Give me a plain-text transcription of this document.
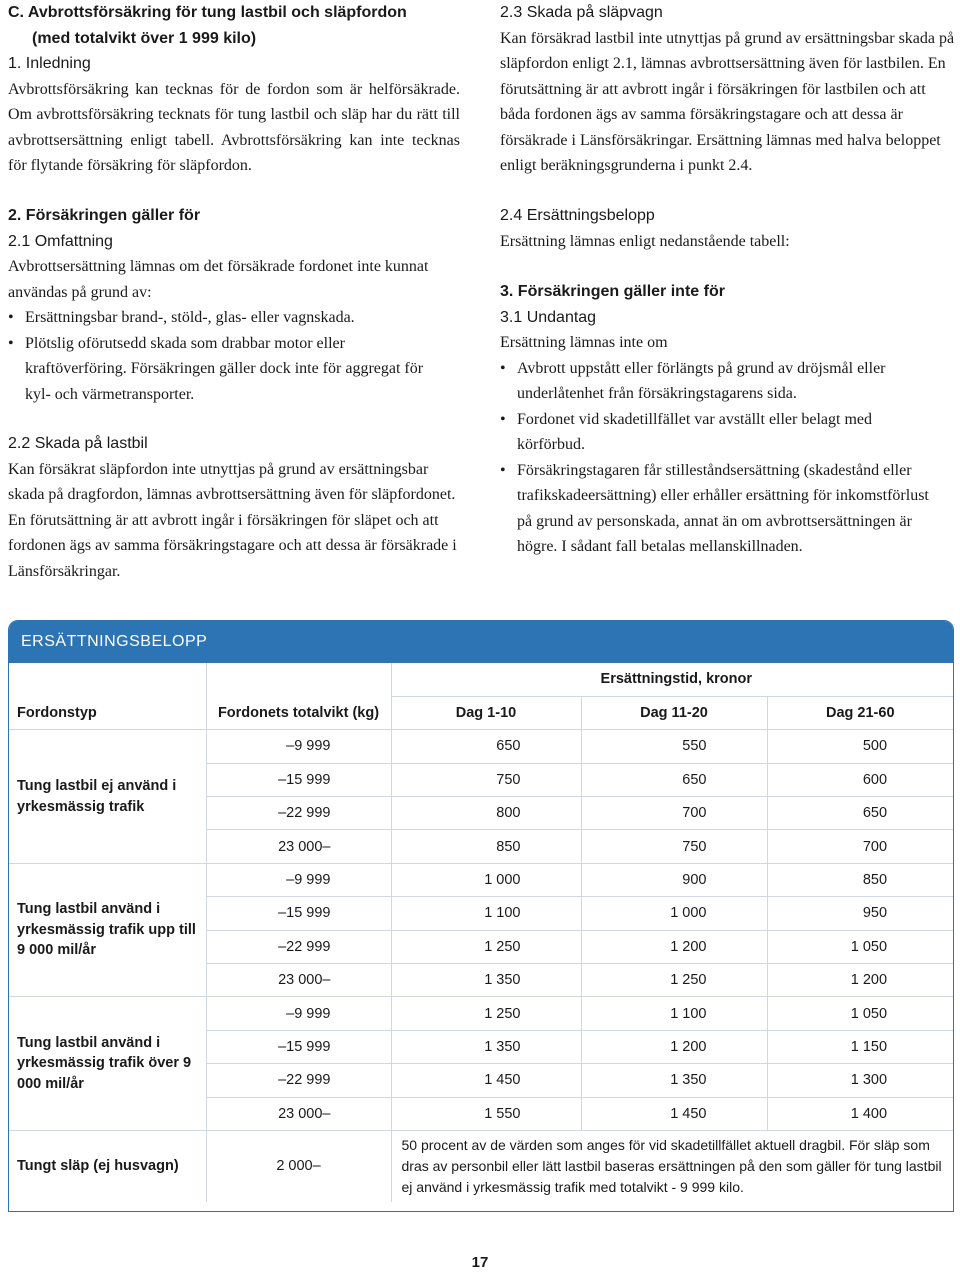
C. Avbrottsförsäkring för tung lastbil och släpfordon
(med totalvikt över 1 999 kilo)
1. Inledning
Avbrottsförsäkring kan tecknas för de fordon som är helförsäkrade. Om avbrottsförsäkring tecknats för tung lastbil och släp har du rätt till avbrottsersättning enligt tabell. Avbrottsförsäkring kan inte tecknas för flytande försäkring för släpfordon.
2. Försäkringen gäller för
2.1 Omfattning
Avbrottsersättning lämnas om det försäkrade fordonet inte kunnat användas på grund av:
• Ersättningsbar brand-, stöld-, glas- eller vagnskada.
• Plötslig oförutsedd skada som drabbar motor eller kraftöverföring. Försäkringen gäller dock inte för aggregat för kyl- och värmetransporter.
2.2 Skada på lastbil
Kan försäkrat släpfordon inte utnyttjas på grund av ersättningsbar skada på dragfordon, lämnas avbrottsersättning även för släpfordonet. En förutsättning är att avbrott ingår i försäkringen för släpet och att fordonen ägs av samma försäkringstagare och att dessa är försäkrade i Länsförsäkringar.
2.3 Skada på släpvagn
Kan försäkrad lastbil inte utnyttjas på grund av ersättningsbar skada på släpfordon enligt 2.1, lämnas avbrottsersättning även för lastbilen. En förutsättning är att avbrott ingår i försäkringen för lastbilen och att båda fordonen ägs av samma försäkringstagare och att dessa är försäkrade i Länsförsäkringar. Ersättning lämnas med halva beloppet enligt beräkningsgrunderna i punkt 2.4.
2.4 Ersättningsbelopp
Ersättning lämnas enligt nedanstående tabell:
3. Försäkringen gäller inte för
3.1 Undantag
Ersättning lämnas inte om
• Avbrott uppstått eller förlängts på grund av dröjsmål eller underlåtenhet från försäkringstagarens sida.
• Fordonet vid skadetillfället var avställt eller belagt med körförbud.
• Försäkringstagaren får stilleståndsersättning (skadestånd eller trafikskadeersättning) eller erhåller ersättning för inkomstförlust på grund av personskada, annat än om avbrottsersättningen är högre. I sådant fall betalas mellanskillnaden.
ERSÄTTNINGSBELOPP
		Ersättningstid, kronor		
Fordonstyp	Fordonets totalvikt (kg)	Dag 1-10	Dag 11-20	Dag 21-60
Tung lastbil ej använd i yrkesmässig trafik	–9 999	650	550	500
	–15 999	750	650	600
	–22 999	800	700	650
	23 000–	850	750	700
Tung lastbil använd i yrkesmässig trafik upp till 9 000 mil/år	–9 999	1 000	900	850
	–15 999	1 100	1 000	950
	–22 999	1 250	1 200	1 050
	23 000–	1 350	1 250	1 200
Tung lastbil använd i yrkesmässig trafik över 9 000 mil/år	–9 999	1 250	1 100	1 050
	–15 999	1 350	1 200	1 150
	–22 999	1 450	1 350	1 300
	23 000–	1 550	1 450	1 400
Tungt släp (ej husvagn)	2 000–	50 procent av de värden som anges för vid skadetillfället aktuell dragbil. För släp som dras av personbil eller lätt lastbil baseras ersättningen på den som gäller för tung lastbil ej använd i yrkesmässig trafik med totalvikt - 9 999 kilo.		
17
